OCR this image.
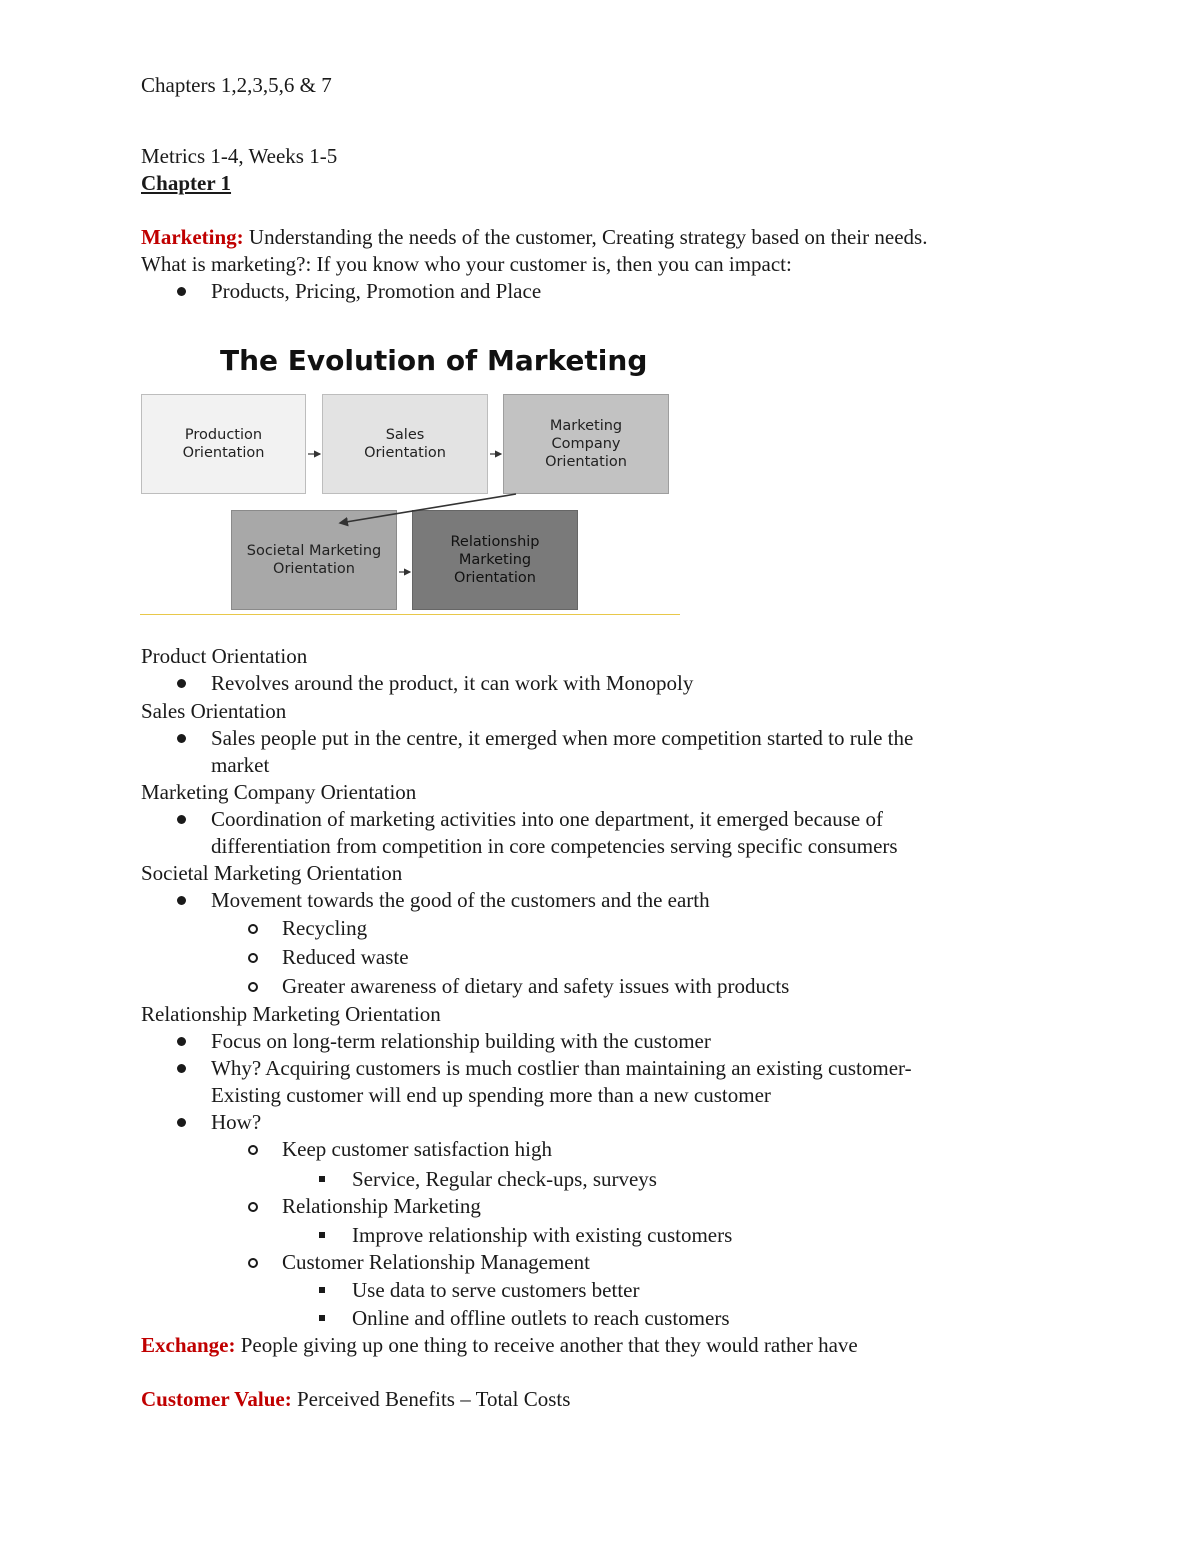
Chapters 1,2,3,5,6 & 7
Metrics 1-4, Weeks 1-5
Chapter 1
Marketing: Understanding the needs of the customer, Creating strategy based on their needs.
What is marketing?: If you know who your customer is, then you can impact:
Products, Pricing, Promotion and Place
The Evolution of Marketing
Production
Orientation
Sales
Orientation
Marketing
Company
Orientation
Societal Marketing
Orientation
Relationship
Marketing
Orientation
Product Orientation
Revolves around the product, it can work with Monopoly
Sales Orientation
Sales people put in the centre, it emerged when more competition started to rule the
market
Marketing Company Orientation
Coordination of marketing activities into one department, it emerged because of
differentiation from competition in core competencies serving specific consumers
Societal Marketing Orientation
Movement towards the good of the customers and the earth
Recycling
Reduced waste
Greater awareness of dietary and safety issues with products
Relationship Marketing Orientation
Focus on long-term relationship building with the customer
Why? Acquiring customers is much costlier than maintaining an existing customer-
Existing customer will end up spending more than a new customer
How?
Keep customer satisfaction high
Service, Regular check-ups, surveys
Relationship Marketing
Improve relationship with existing customers
Customer Relationship Management
Use data to serve customers better
Online and offline outlets to reach customers
Exchange: People giving up one thing to receive another that they would rather have
Customer Value: Perceived Benefits – Total Costs
